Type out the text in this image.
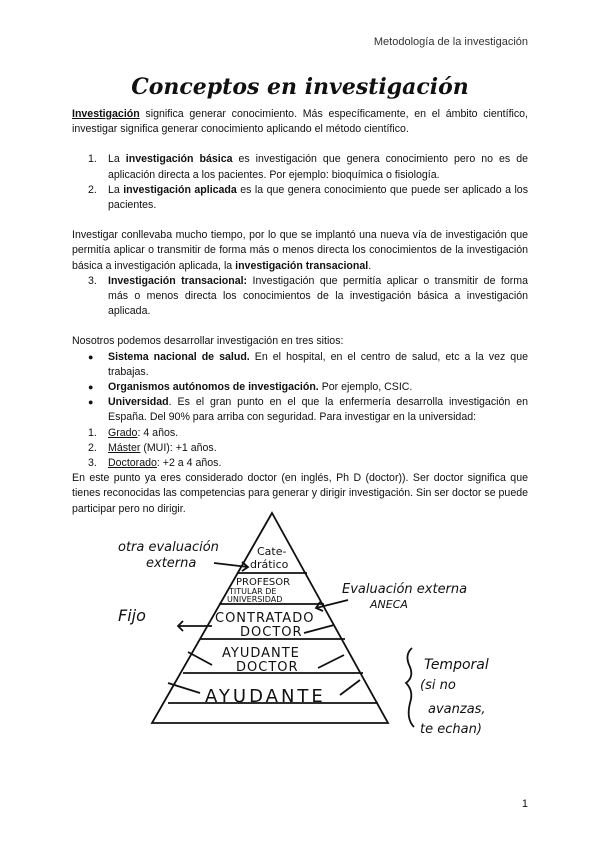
Metodología de la investigación
Conceptos en investigación
Investigación significa generar conocimiento. Más específicamente, en el ámbito científico, investigar significa generar conocimiento aplicando el método científico.
1. La investigación básica es investigación que genera conocimiento pero no es de aplicación directa a los pacientes. Por ejemplo: bioquímica o fisiología.
2. La investigación aplicada es la que genera conocimiento que puede ser aplicado a los pacientes.
Investigar conllevaba mucho tiempo, por lo que se implantó una nueva vía de investigación que permitía aplicar o transmitir de forma más o menos directa los conocimientos de la investigación básica a investigación aplicada, la investigación transacional.
3. Investigación transacional: Investigación que permitía aplicar o transmitir de forma más o menos directa los conocimientos de la investigación básica a investigación aplicada.
Nosotros podemos desarrollar investigación en tres sitios:
● Sistema nacional de salud. En el hospital, en el centro de salud, etc a la vez que trabajas.
● Organismos autónomos de investigación. Por ejemplo, CSIC.
● Universidad. Es el gran punto en el que la enfermería desarrolla investigación en España. Del 90% para arriba con seguridad. Para investigar en la universidad:
1. Grado: 4 años.
2. Máster (MUI): +1 años.
3. Doctorado: +2 a 4 años.
En este punto ya eres considerado doctor (en inglés, Ph D (doctor)). Ser doctor significa que tienes reconocidas las competencias para generar y dirigir investigación. Sin ser doctor se puede participar pero no dirigir.
Cate-
drático
PROFESOR
TITULAR DE
UNIVERSIDAD
CONTRATADO
DOCTOR
AYUDANTE
DOCTOR
AYUDANTE
otra evaluación
externa
Evaluación externa
ANECA
Fijo
Temporal
(si no
avanzas,
te echan)
1
